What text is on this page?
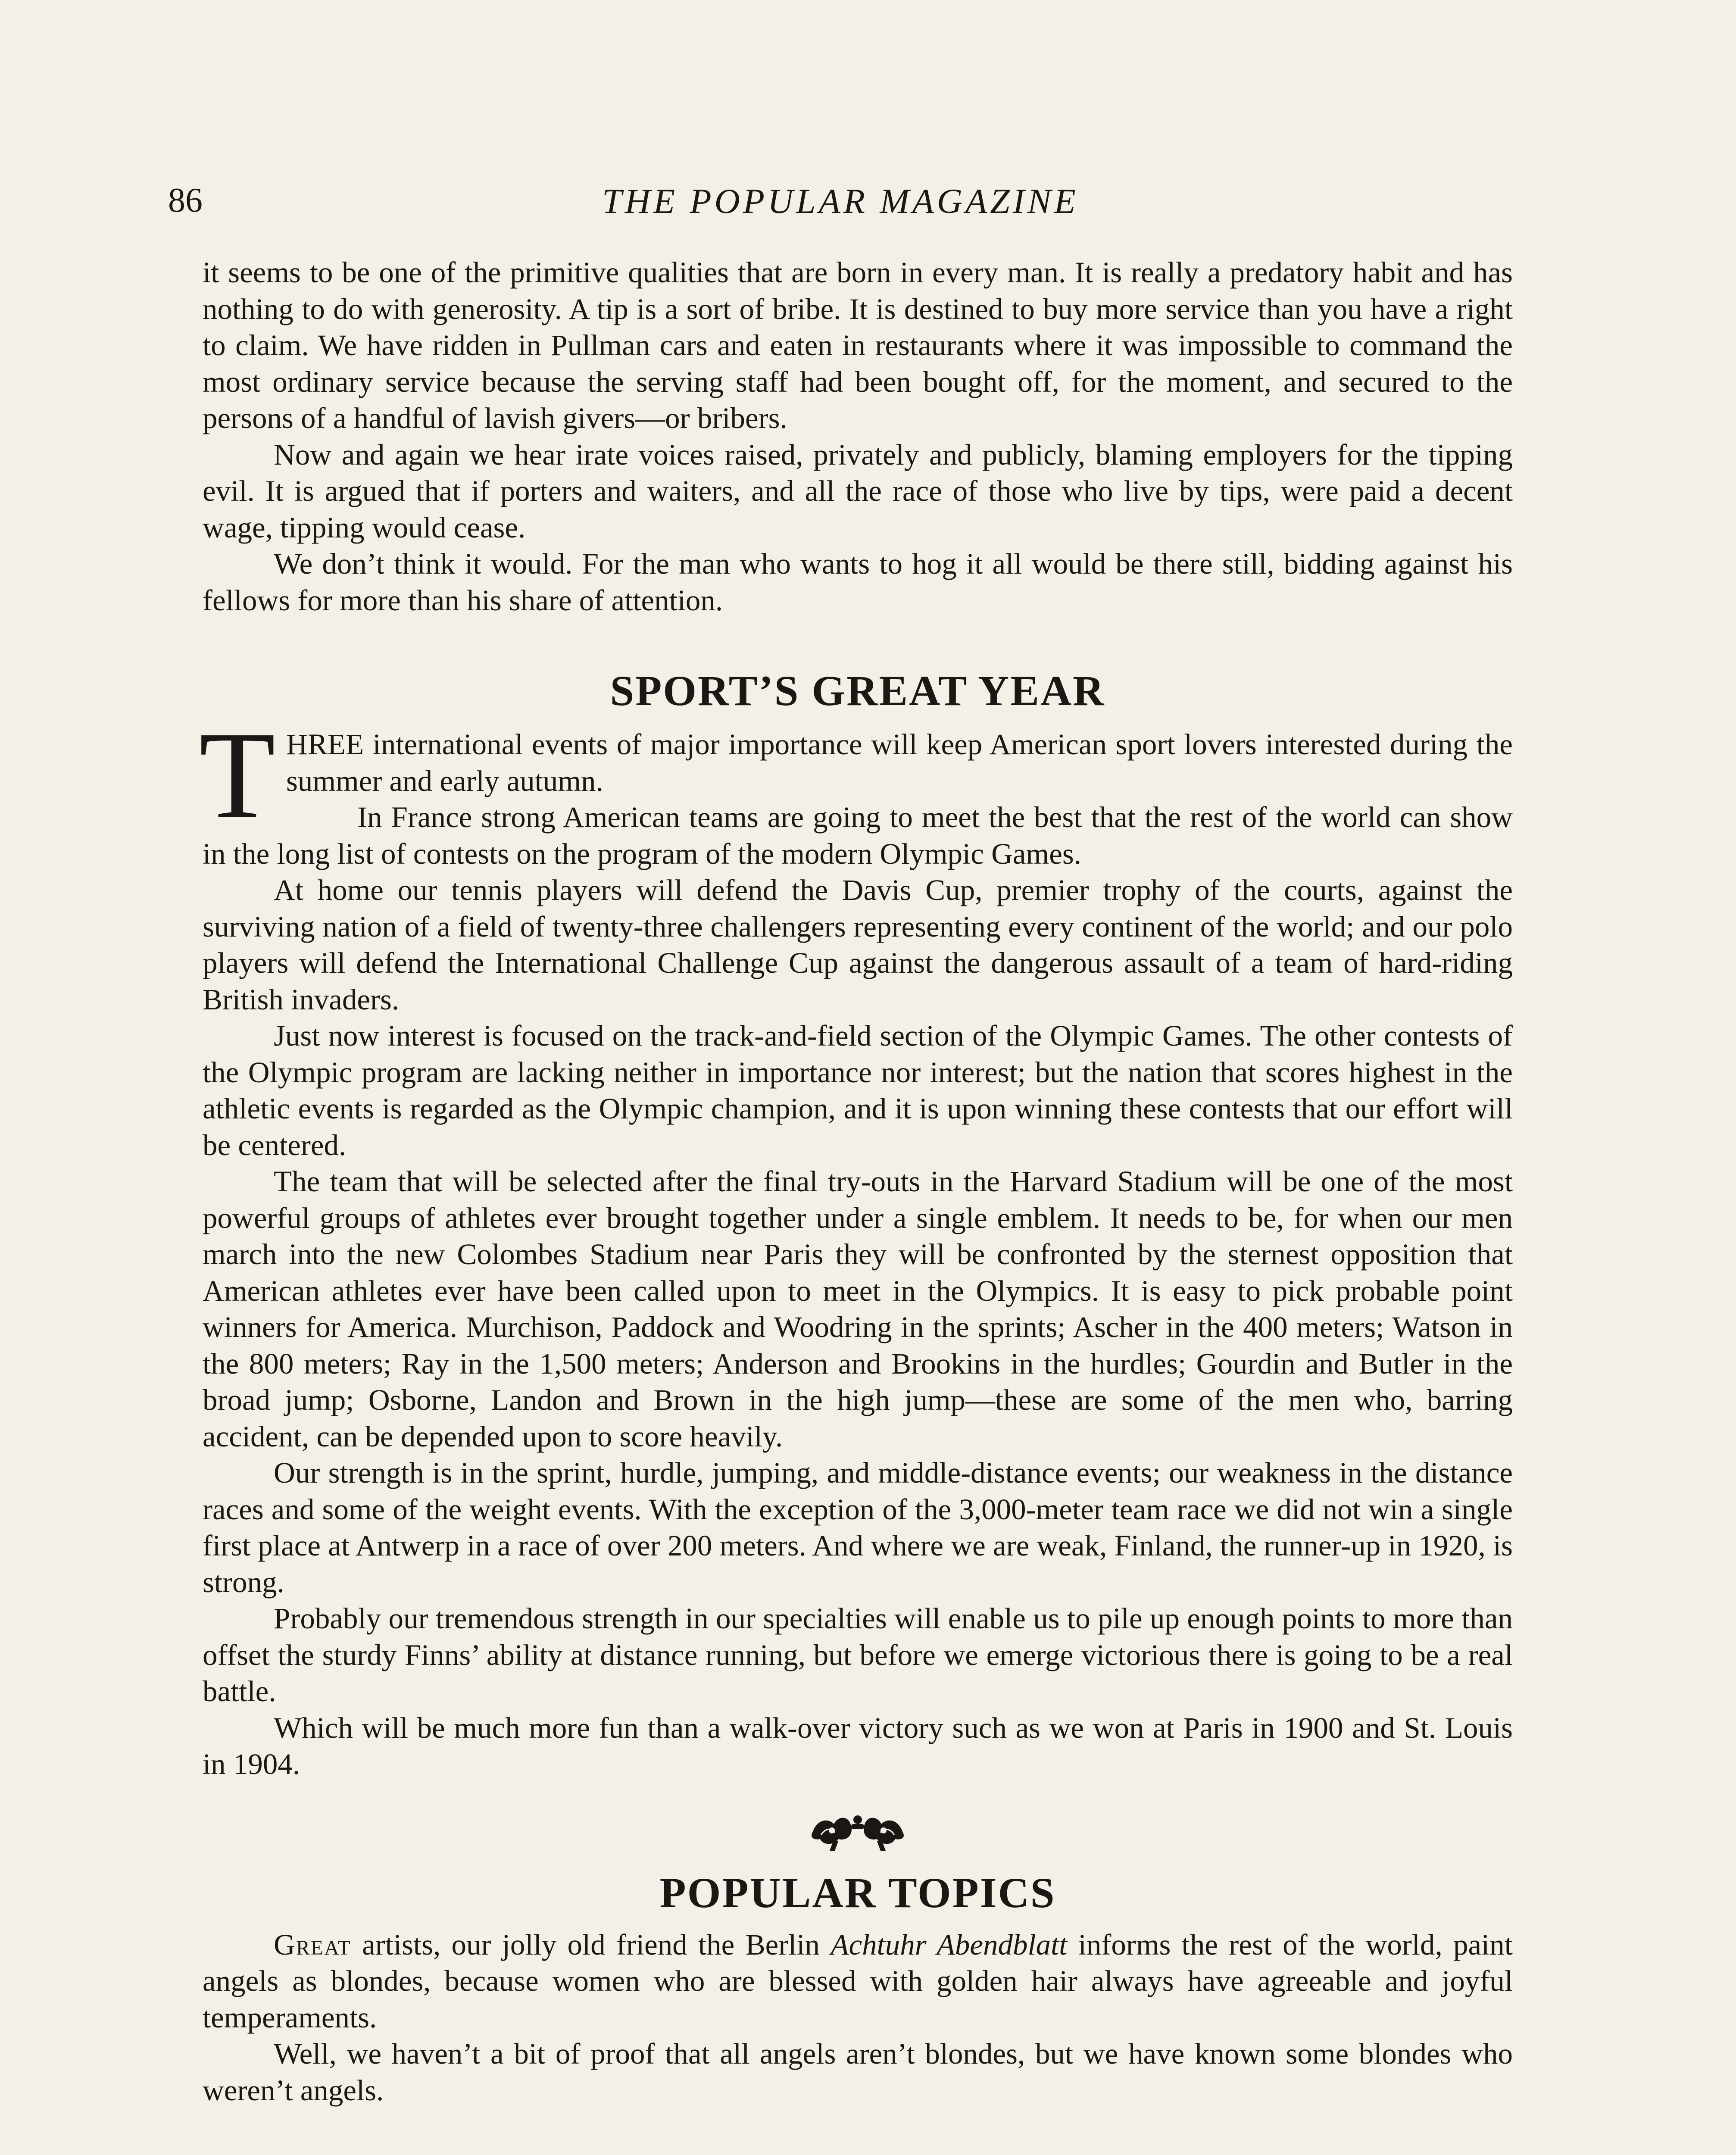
86	THE POPULAR MAGAZINE

it seems to be one of the primitive qualities that are born in every man. It is really a predatory habit and has nothing to do with generosity. A tip is a sort of bribe. It is destined to buy more service than you have a right to claim. We have ridden in Pullman cars and eaten in restaurants where it was impossible to command the most ordinary service because the serving staff had been bought off, for the moment, and secured to the persons of a handful of lavish givers—or bribers.

Now and again we hear irate voices raised, privately and publicly, blaming employers for the tipping evil. It is argued that if porters and waiters, and all the race of those who live by tips, were paid a decent wage, tipping would cease.

We don’t think it would. For the man who wants to hog it all would be there still, bidding against his fellows for more than his share of attention.

SPORT’S GREAT YEAR
T HREE international events of major importance will keep American sport lovers interested during the summer and early autumn.

In France strong American teams are going to meet the best that the rest of the world can show in the long list of contests on the program of the modern Olympic Games.

At home our tennis players will defend the Davis Cup, premier trophy of the courts, against the surviving nation of a field of twenty-three challengers representing every continent of the world; and our polo players will defend the International Challenge Cup against the dangerous assault of a team of hard-riding British invaders.

Just now interest is focused on the track-and-field section of the Olympic Games. The other contests of the Olympic program are lacking neither in importance nor interest; but the nation that scores highest in the athletic events is regarded as the Olympic champion, and it is upon winning these contests that our effort will be centered.

The team that will be selected after the final try-outs in the Harvard Stadium will be one of the most powerful groups of athletes ever brought together under a single emblem. It needs to be, for when our men march into the new Colombes Stadium near Paris they will be confronted by the sternest opposition that American athletes ever have been called upon to meet in the Olympics. It is easy to pick probable point winners for America. Murchison, Paddock and Woodring in the sprints; Ascher in the 400 meters; Watson in the 800 meters; Ray in the 1,500 meters; Anderson and Brookins in the hurdles; Gourdin and Butler in the broad jump; Osborne, Landon and Brown in the high jump—these are some of the men who, barring accident, can be depended upon to score heavily.

Our strength is in the sprint, hurdle, jumping, and middle-distance events; our weakness in the distance races and some of the weight events. With the exception of the 3,000-meter team race we did not win a single first place at Antwerp in a race of over 200 meters. And where we are weak, Finland, the runner-up in 1920, is strong.

Probably our tremendous strength in our specialties will enable us to pile up enough points to more than offset the sturdy Finns’ ability at distance running, but before we emerge victorious there is going to be a real battle.

Which will be much more fun than a walk-over victory such as we won at Paris in 1900 and St. Louis in 1904.

POPULAR TOPICS

Great artists, our jolly old friend the Berlin Achtuhr Abendblatt informs the rest of the world, paint angels as blondes, because women who are blessed with golden hair always have agreeable and joyful temperaments.

Well, we haven’t a bit of proof that all angels aren’t blondes, but we have known some blondes who weren’t angels.
